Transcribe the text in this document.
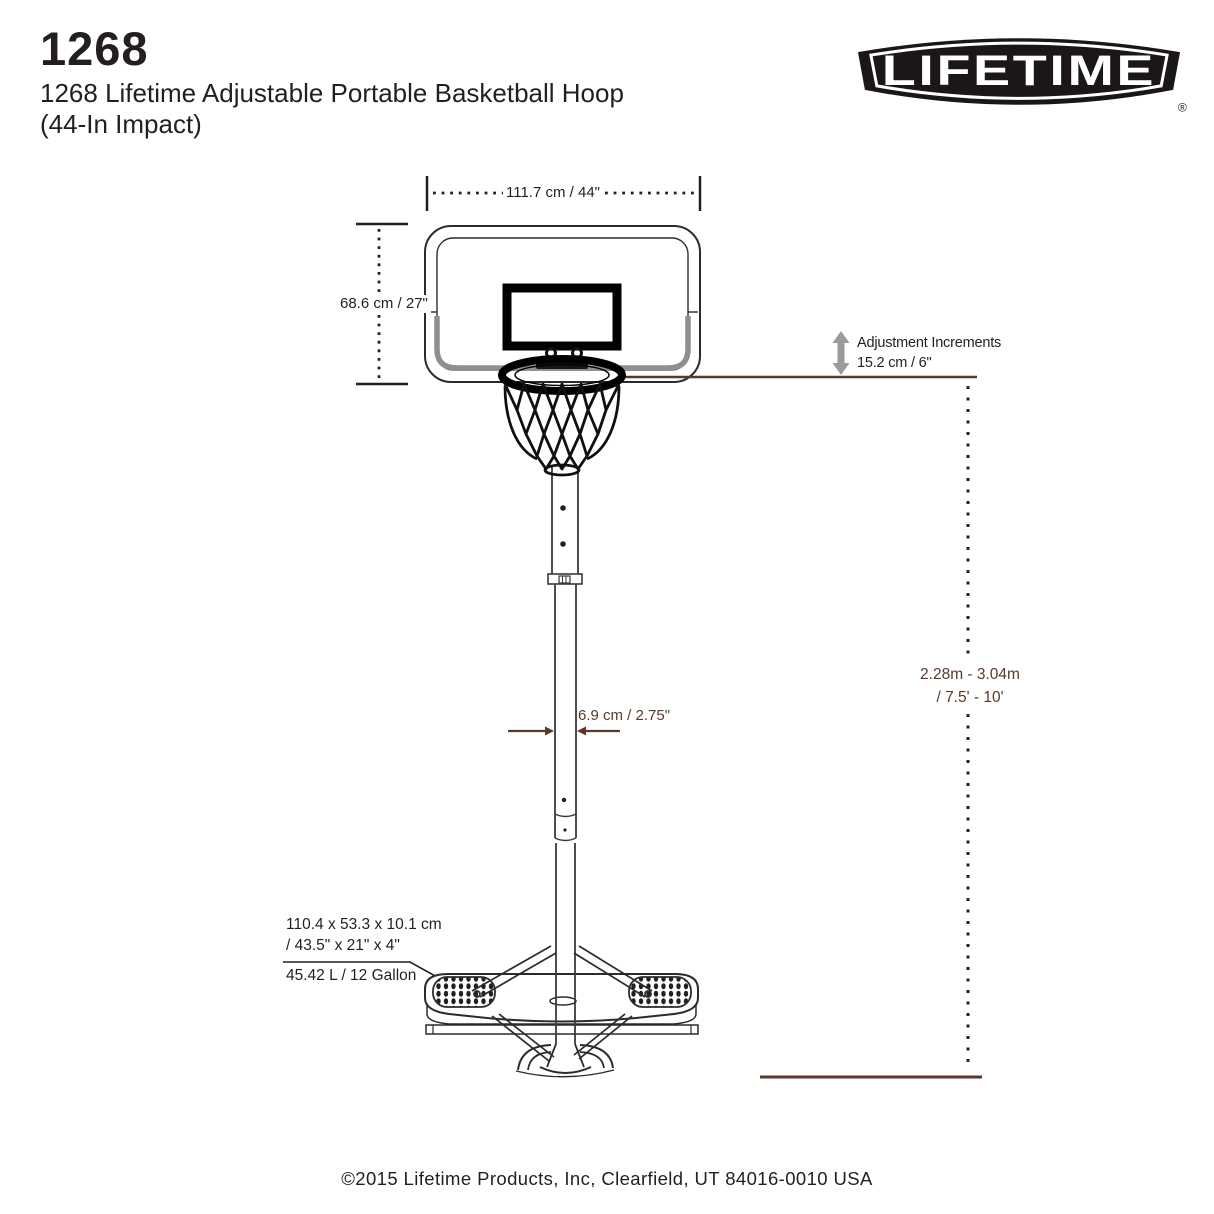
1268
1268 Lifetime Adjustable Portable Basketball Hoop
(44-In Impact)
LIFETIME
®
111.7 cm / 44"
68.6 cm / 27"
Adjustment Increments
15.2 cm / 6"
2.28m - 3.04m
/ 7.5' - 10'
6.9 cm / 2.75"
110.4 x 53.3 x 10.1 cm
/ 43.5" x 21" x 4"
45.42 L / 12 Gallon
©2015 Lifetime Products, Inc, Clearfield, UT 84016-0010 USA
